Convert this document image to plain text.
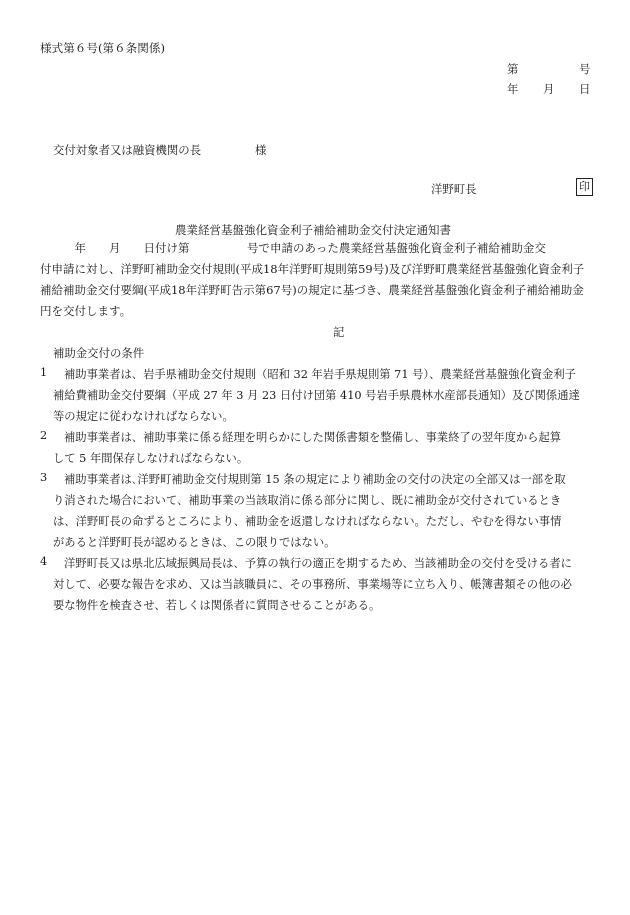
様式第６号(第６条関係)
第	号
年 月 日
交付対象者又は融資機関の長	様
洋野町長	印
農業経営基盤強化資金利子補給補助金交付決定通知書
　　　年　　月　　日付け第　　　　　号で申請のあった農業経営基盤強化資金利子補給補助金交
付申請に対し、洋野町補助金交付規則(平成18年洋野町規則第59号)及び洋野町農業経営基盤強化資金利子
補給補助金交付要綱(平成18年洋野町告示第67号)の規定に基づき、農業経営基盤強化資金利子補給補助金
円を交付します。
記
補助金交付の条件
1 補助事業者は、岩手県補助金交付規則（昭和 32 年岩手県規則第 71 号）、農業経営基盤強化資金利子
補給費補助金交付要綱（平成 27 年 3 月 23 日付け団第 410 号岩手県農林水産部長通知）及び関係通達
等の規定に従わなければならない。
2 補助事業者は、補助事業に係る経理を明らかにした関係書類を整備し、事業終了の翌年度から起算
して 5 年間保存しなければならない。
3 補助事業者は､洋野町補助金交付規則第 15 条の規定により補助金の交付の決定の全部又は一部を取
り消された場合において、補助事業の当該取消に係る部分に関し、既に補助金が交付されているとき
は、洋野町長の命ずるところにより、補助金を返還しなければならない。ただし、やむを得ない事情
があると洋野町長が認めるときは、この限りではない。
4 洋野町長又は県北広域振興局長は、予算の執行の適正を期するため、当該補助金の交付を受ける者に
対して、必要な報告を求め、又は当該職員に、その事務所、事業場等に立ち入り、帳簿書類その他の必
要な物件を検査させ、若しくは関係者に質問させることがある。
